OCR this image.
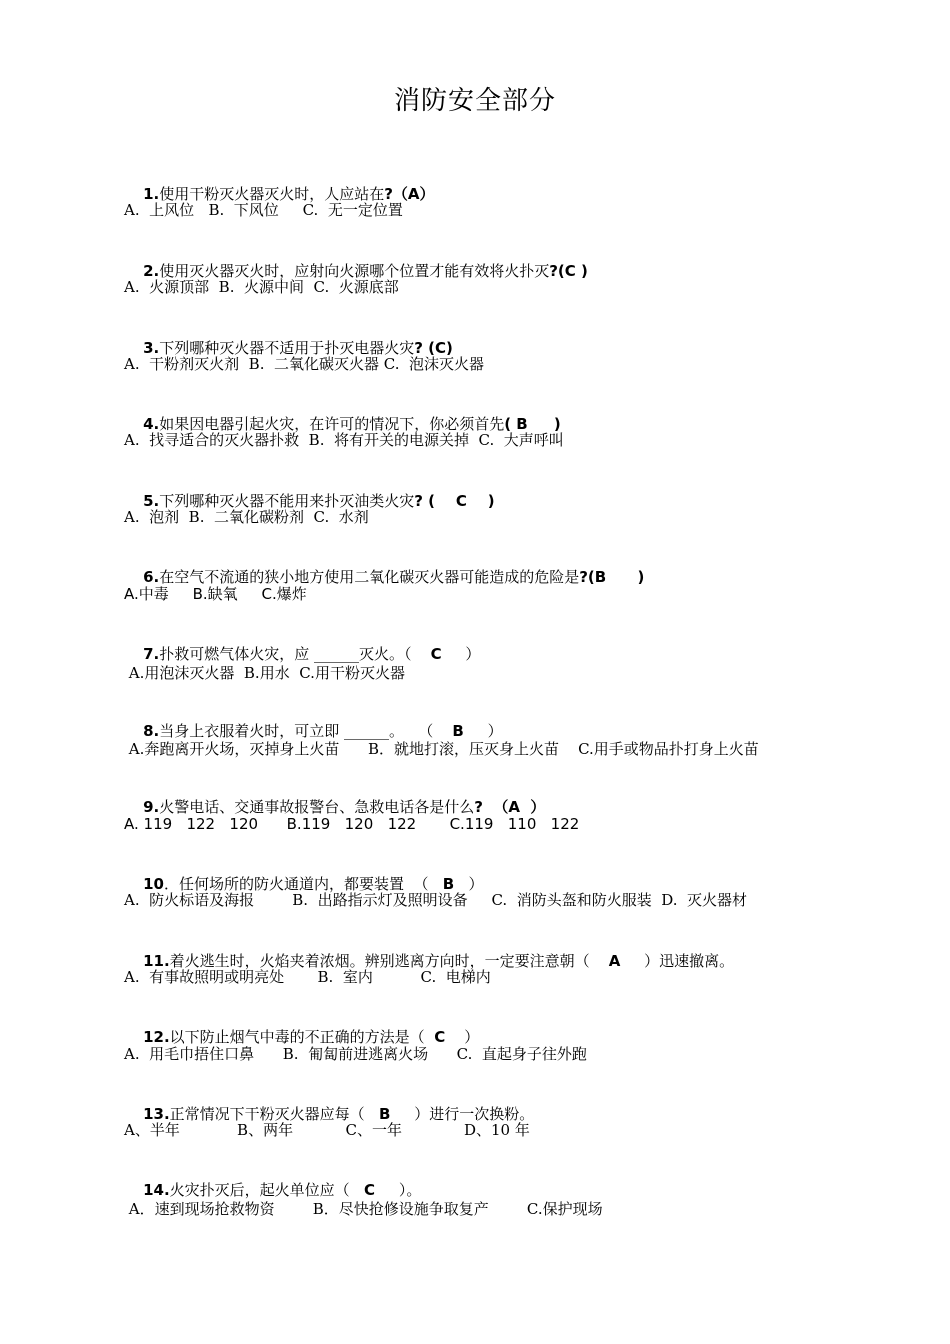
消防安全部分

1.使用干粉灭火器灭火时，人应站在?（A）

A.  上风位   B.  下风位     C.  无一定位置

2.使用灭火器灭火时，应射向火源哪个位置才能有效将火扑灭?(C )

A.  火源顶部  B.  火源中间  C.  火源底部

3.下列哪种灭火器不适用于扑灭电器火灾? (C)

A.  干粉剂灭火剂  B.  二氧化碳灭火器 C.  泡沫灭火器

4.如果因电器引起火灾，在许可的情况下，你必须首先( B     )

A.  找寻适合的灭火器扑救  B.  将有开关的电源关掉  C.  大声呼叫

5.下列哪种灭火器不能用来扑灭油类火灾? (    C    )

A.  泡剂  B.  二氧化碳粉剂  C.  水剂

6.在空气不流通的狭小地方使用二氧化碳灭火器可能造成的危险是?(B      )

A.中毒     B.缺氧     C.爆炸

7.扑救可燃气体火灾，应 ______灭火。（    C     ）

A.用泡沫灭火器  B.用水  C.用干粉灭火器

8.当身上衣服着火时，可立即 ______。   （    B     ）

A.奔跑离开火场，灭掉身上火苗      B．就地打滚，压灭身上火苗    C.用手或物品扑打身上火苗

9.火警电话、交通事故报警台、急救电话各是什么?  （A  ）

A. 119   122   120      B.119   120   122       C.119   110   122

10．任何场所的防火通道内，都要装置  （   B   ）

A.  防火标语及海报        B.  出路指示灯及照明设备     C.  消防头盔和防火服装  D.  灭火器材

11.着火逃生时，火焰夹着浓烟。辨别逃离方向时，一定要注意朝（    A     ）迅速撤离。

A.  有事故照明或明亮处       B.  室内          C.  电梯内

12.以下防止烟气中毒的不正确的方法是（  C    ）

A.  用毛巾捂住口鼻      B.  匍匐前进逃离火场      C.  直起身子往外跑

13.正常情况下干粉灭火器应每（   B     ）进行一次换粉。

A、半年            B、两年           C、一年             D、10 年

14.火灾扑灭后，起火单位应（   C     ）。

A．速到现场抢救物资        B．尽快抢修设施争取复产        C.保护现场
